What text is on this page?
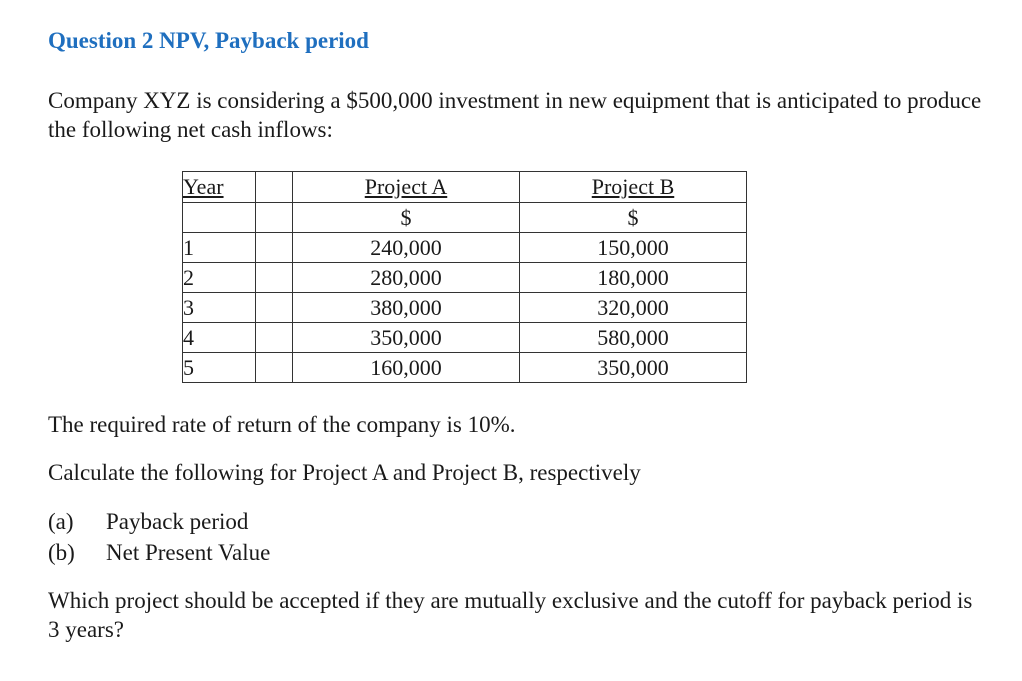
Question 2 NPV, Payback period

Company XYZ is considering a $500,000 investment in new equipment that is anticipated to produce the following net cash inflows:

Year		Project A	Project B
		$	$
1		240,000	150,000
2		280,000	180,000
3		380,000	320,000
4		350,000	580,000
5		160,000	350,000

The required rate of return of the company is 10%.

Calculate the following for Project A and Project B, respectively

(a)	Payback period
(b)	Net Present Value

Which project should be accepted if they are mutually exclusive and the cutoff for payback period is 3 years?
